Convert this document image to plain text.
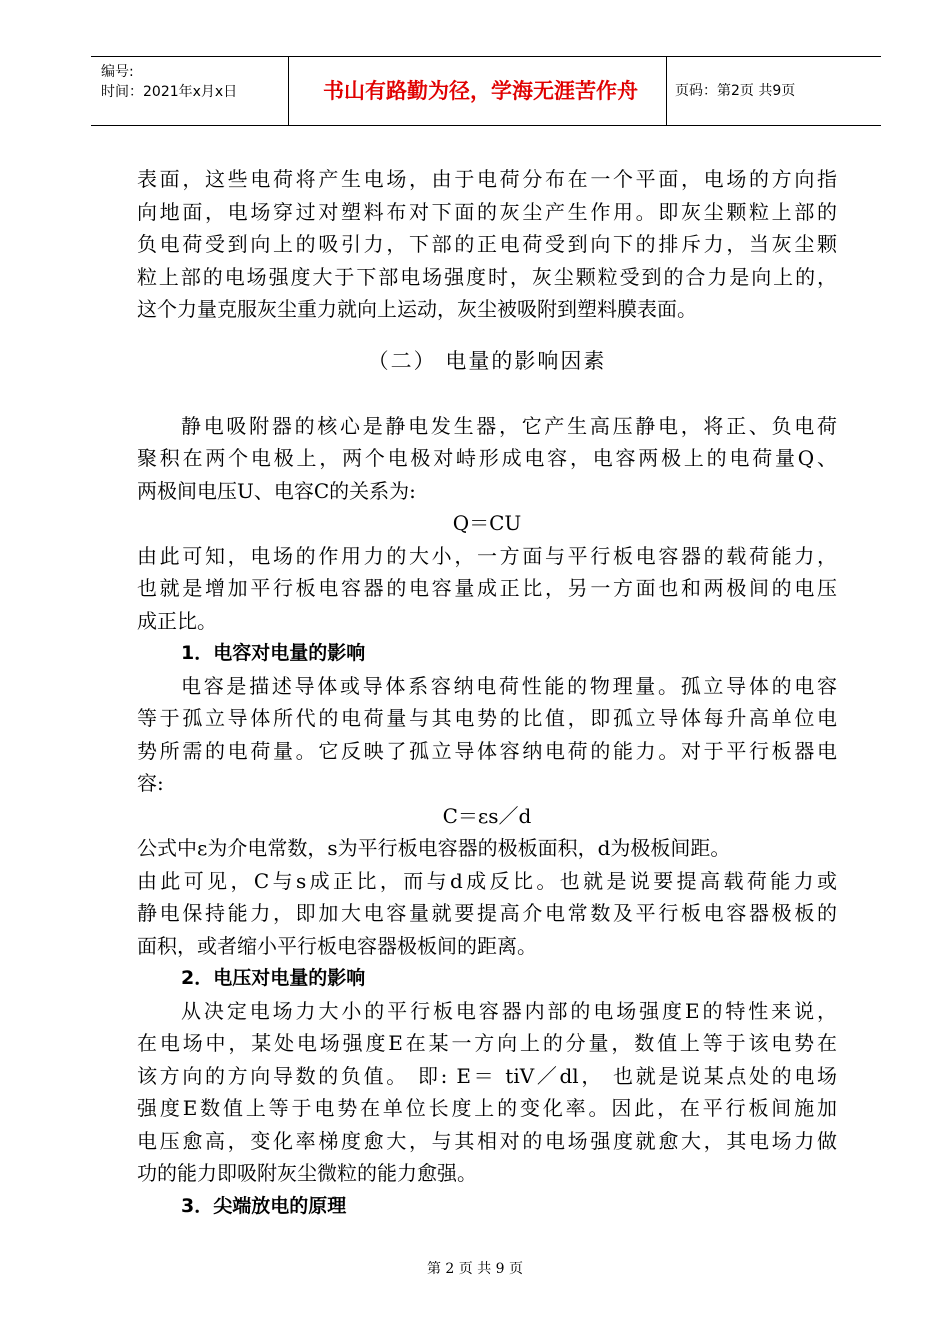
编号:
时间：2021年x月x日	书山有路勤为径，学海无涯苦作舟	页码：第2页 共9页
表面，这些电荷将产生电场，由于电荷分布在一个平面，电场的方向指
向地面，电场穿过对塑料布对下面的灰尘产生作用。即灰尘颗粒上部的
负电荷受到向上的吸引力，下部的正电荷受到向下的排斥力，当灰尘颗
粒上部的电场强度大于下部电场强度时，灰尘颗粒受到的合力是向上的，
这个力量克服灰尘重力就向上运动，灰尘被吸附到塑料膜表面。
（二） 电量的影响因素
静电吸附器的核心是静电发生器，它产生高压静电，将正、负电荷
聚积在两个电极上，两个电极对峙形成电容，电容两极上的电荷量Q、
两极间电压U、电容C的关系为:
Q＝CU
由此可知，电场的作用力的大小，一方面与平行板电容器的载荷能力，
也就是增加平行板电容器的电容量成正比，另一方面也和两极间的电压
成正比。
1．电容对电量的影响
电容是描述导体或导体系容纳电荷性能的物理量。孤立导体的电容
等于孤立导体所代的电荷量与其电势的比值，即孤立导体每升高单位电
势所需的电荷量。它反映了孤立导体容纳电荷的能力。对于平行板器电
容:
C＝εs／d
公式中ε为介电常数，s为平行板电容器的极板面积，d为极板间距。
由此可见，C与s成正比，而与d成反比。也就是说要提高载荷能力或
静电保持能力，即加大电容量就要提高介电常数及平行板电容器极板的
面积，或者缩小平行板电容器极板间的距离。
2．电压对电量的影响
从决定电场力大小的平行板电容器内部的电场强度E的特性来说，
在电场中，某处电场强度E在某一方向上的分量，数值上等于该电势在
该方向的方向导数的负值。 即: E＝ tiV／dl， 也就是说某点处的电场
强度E数值上等于电势在单位长度上的变化率。因此，在平行板间施加
电压愈高，变化率梯度愈大，与其相对的电场强度就愈大，其电场力做
功的能力即吸附灰尘微粒的能力愈强。
3．尖端放电的原理
第 2 页 共 9 页
